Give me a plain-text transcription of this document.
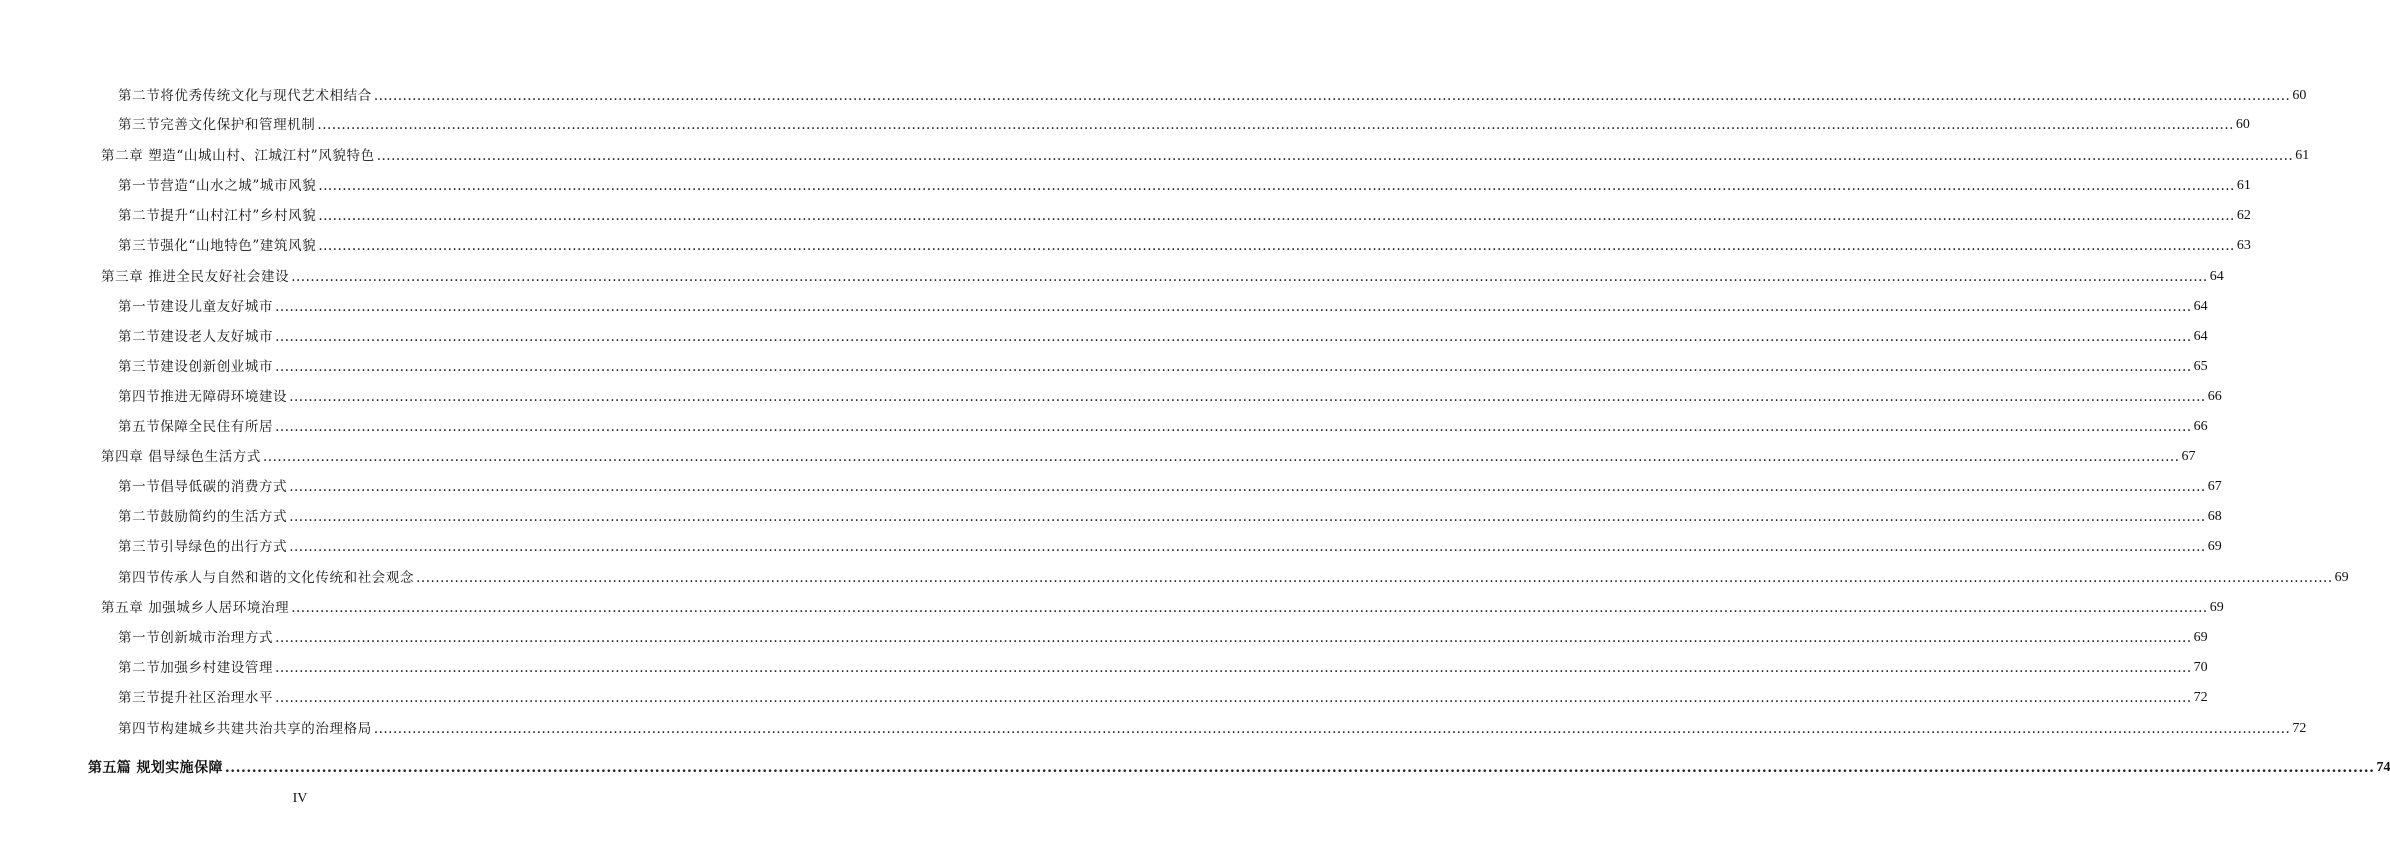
第二节将优秀传统文化与现代艺术相结合 ................................................................................................................................................................................................................................................................................................................................................................................................................ 60
第三节完善文化保护和管理机制 ................................................................................................................................................................................................................................................................................................................................................................................................................ 60
第二章 塑造“山城山村、江城江村”风貌特色 ................................................................................................................................................................................................................................................................................................................................................................................................................ 61
第一节营造“山水之城”城市风貌 ................................................................................................................................................................................................................................................................................................................................................................................................................ 61
第二节提升“山村江村”乡村风貌 ................................................................................................................................................................................................................................................................................................................................................................................................................ 62
第三节强化“山地特色”建筑风貌 ................................................................................................................................................................................................................................................................................................................................................................................................................ 63
第三章 推进全民友好社会建设 ................................................................................................................................................................................................................................................................................................................................................................................................................ 64
第一节建设儿童友好城市 ................................................................................................................................................................................................................................................................................................................................................................................................................ 64
第二节建设老人友好城市 ................................................................................................................................................................................................................................................................................................................................................................................................................ 64
第三节建设创新创业城市 ................................................................................................................................................................................................................................................................................................................................................................................................................ 65
第四节推进无障碍环境建设 ................................................................................................................................................................................................................................................................................................................................................................................................................ 66
第五节保障全民住有所居 ................................................................................................................................................................................................................................................................................................................................................................................................................ 66
第四章 倡导绿色生活方式 ................................................................................................................................................................................................................................................................................................................................................................................................................ 67
第一节倡导低碳的消费方式 ................................................................................................................................................................................................................................................................................................................................................................................................................ 67
第二节鼓励简约的生活方式 ................................................................................................................................................................................................................................................................................................................................................................................................................ 68
第三节引导绿色的出行方式 ................................................................................................................................................................................................................................................................................................................................................................................................................ 69
第四节传承人与自然和谐的文化传统和社会观念 ................................................................................................................................................................................................................................................................................................................................................................................................................ 69
第五章 加强城乡人居环境治理 ................................................................................................................................................................................................................................................................................................................................................................................................................ 69
第一节创新城市治理方式 ................................................................................................................................................................................................................................................................................................................................................................................................................ 69
第二节加强乡村建设管理 ................................................................................................................................................................................................................................................................................................................................................................................................................ 70
第三节提升社区治理水平 ................................................................................................................................................................................................................................................................................................................................................................................................................ 72
第四节构建城乡共建共治共享的治理格局 ................................................................................................................................................................................................................................................................................................................................................................................................................ 72
第五篇 规划实施保障 ................................................................................................................................................................................................................................................................................................................................................................................................................ 74
IV
